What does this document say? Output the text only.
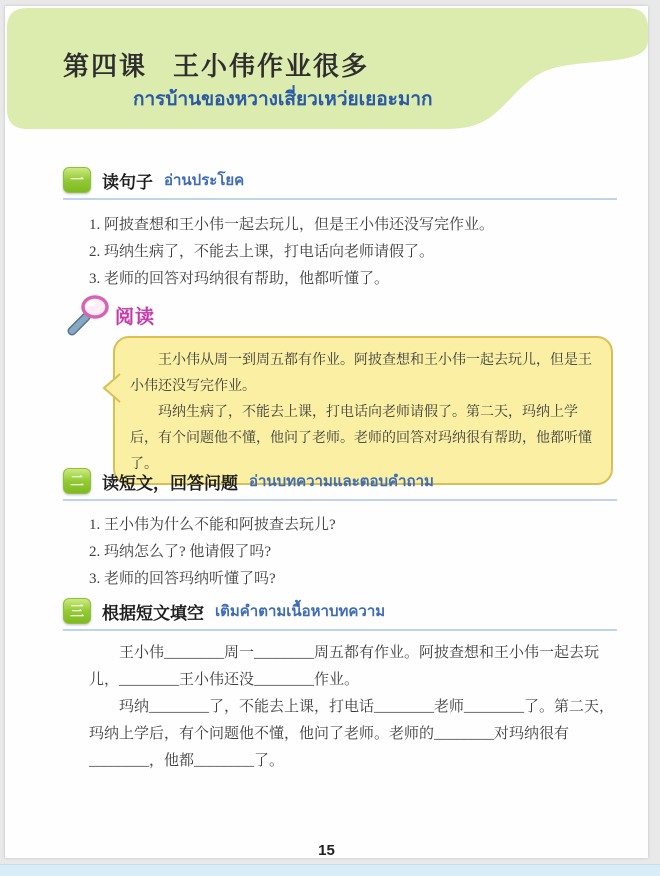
第四课 王小伟作业很多
การบ้านของหวางเสี่ยวเหว่ยเยอะมาก
一	读句子 อ่านประโยค

1. 阿披查想和王小伟一起去玩儿，但是王小伟还没写完作业。

2. 玛纳生病了，不能去上课，打电话向老师请假了。

3. 老师的回答对玛纳很有帮助，他都听懂了。

阅读

王小伟从周一到周五都有作业。阿披查想和王小伟一起去玩儿，但是王小伟还没写完作业。

玛纳生病了，不能去上课，打电话向老师请假了。第二天，玛纳上学后，有个问题他不懂，他问了老师。老师的回答对玛纳很有帮助，他都听懂了。

二	读短文，回答问题 อ่านบทความและตอบคำถาม

1. 王小伟为什么不能和阿披查去玩儿?

2. 玛纳怎么了? 他请假了吗?

3. 老师的回答玛纳听懂了吗?

三	根据短文填空 เติมคำตามเนื้อหาบทความ

王小伟________周一________周五都有作业。阿披查想和王小伟一起去玩儿，________王小伟还没________作业。

玛纳________了，不能去上课，打电话________老师________了。第二天，玛纳上学后，有个问题他不懂，他问了老师。老师的________对玛纳很有________，他都________了。

15
